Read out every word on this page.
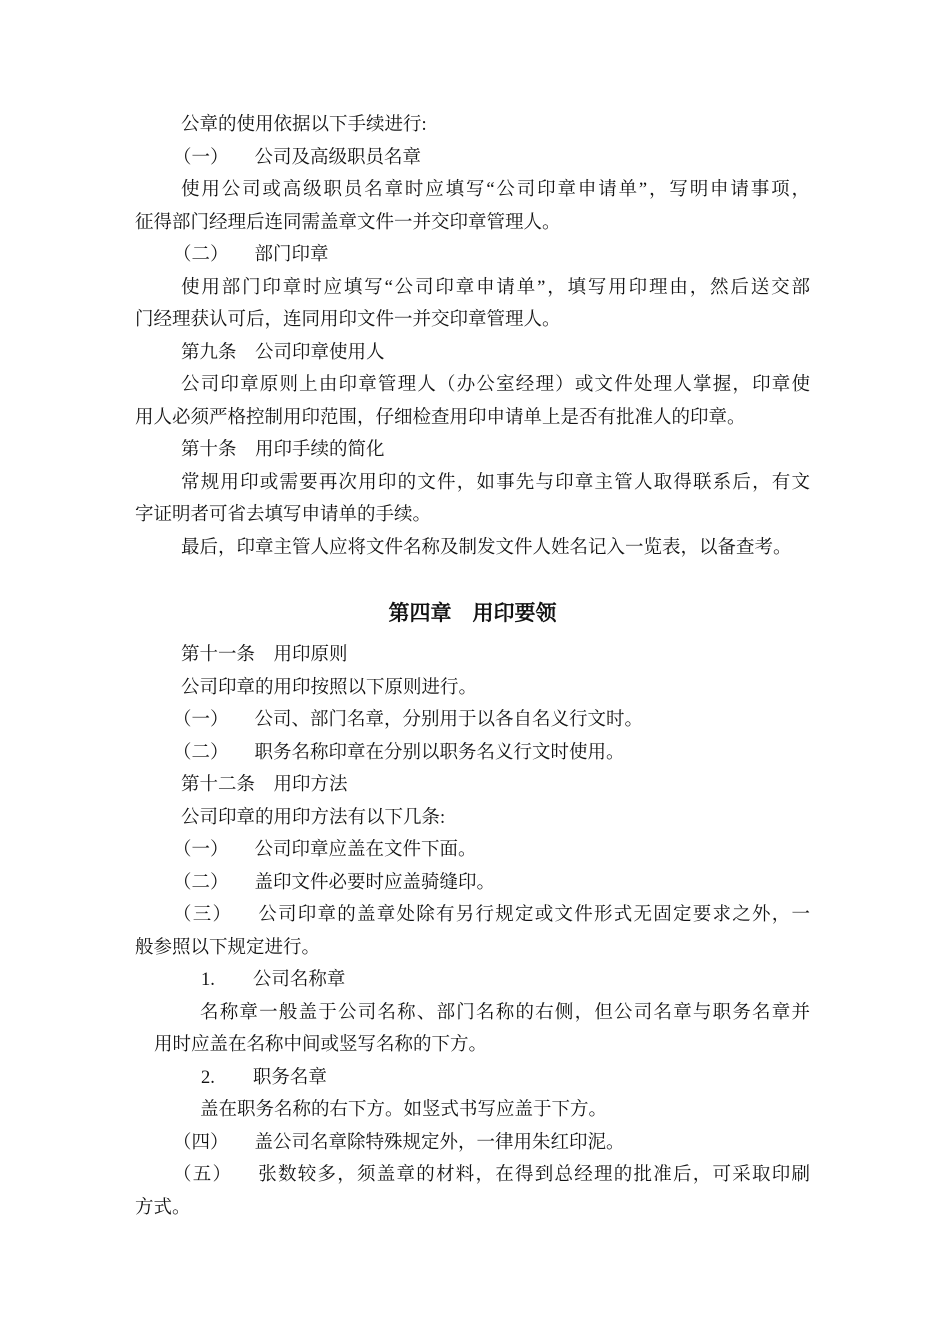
公章的使用依据以下手续进行:
（一） 公司及高级职员名章
使用公司或高级职员名章时应填写“公司印章申请单”，写明申请事项，
征得部门经理后连同需盖章文件一并交印章管理人。
（二） 部门印章
使用部门印章时应填写“公司印章申请单”，填写用印理由，然后送交部
门经理获认可后，连同用印文件一并交印章管理人。
第九条　公司印章使用人
公司印章原则上由印章管理人（办公室经理）或文件处理人掌握，印章使
用人必须严格控制用印范围，仔细检查用印申请单上是否有批准人的印章。
第十条　用印手续的简化
常规用印或需要再次用印的文件，如事先与印章主管人取得联系后，有文
字证明者可省去填写申请单的手续。
最后，印章主管人应将文件名称及制发文件人姓名记入一览表，以备查考。
第四章 用印要领
第十一条　用印原则
公司印章的用印按照以下原则进行。
（一） 公司、部门名章，分别用于以各自名义行文时。
（二） 职务名称印章在分别以职务名义行文时使用。
第十二条　用印方法
公司印章的用印方法有以下几条:
（一） 公司印章应盖在文件下面。
（二） 盖印文件必要时应盖骑缝印。
（三） 公司印章的盖章处除有另行规定或文件形式无固定要求之外，一
般参照以下规定进行。
1. 公司名称章
名称章一般盖于公司名称、部门名称的右侧，但公司名章与职务名章并
用时应盖在名称中间或竖写名称的下方。
2. 职务名章
盖在职务名称的右下方。如竖式书写应盖于下方。
（四） 盖公司名章除特殊规定外，一律用朱红印泥。
（五） 张数较多，须盖章的材料，在得到总经理的批准后，可采取印刷
方式。
